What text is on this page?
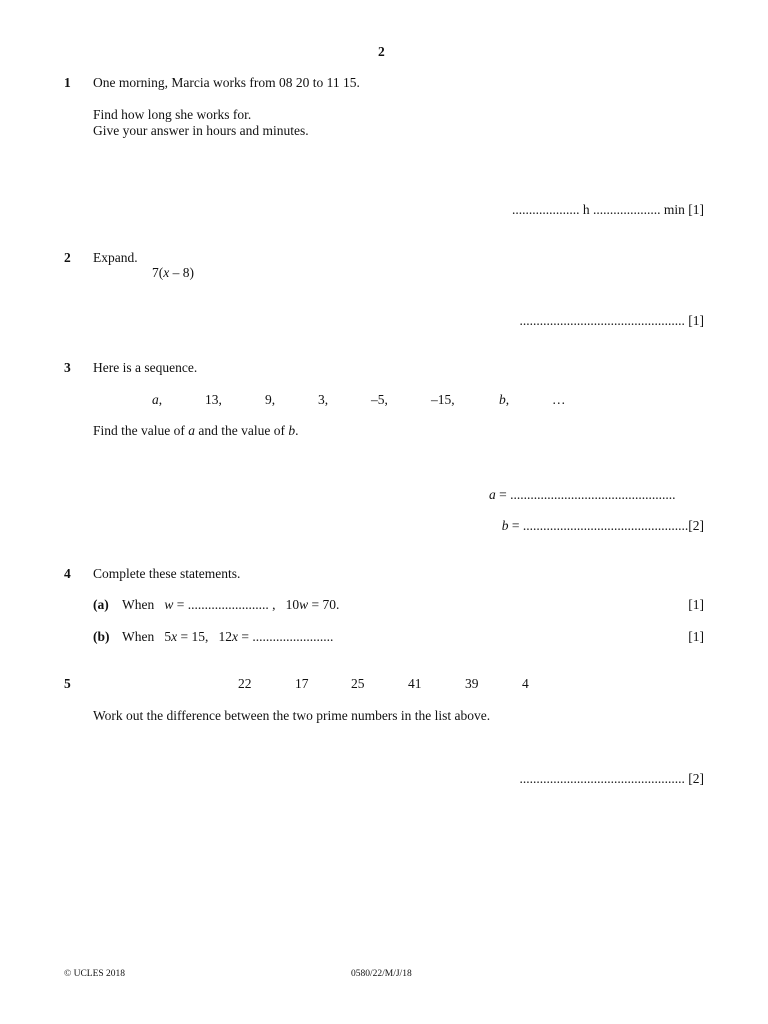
2
1 One morning, Marcia works from 08 20 to 11 15.
Find how long she works for.
Give your answer in hours and minutes.
.................... h .................... min [1]
2 Expand.
7(x – 8)
................................................. [1]
3 Here is a sequence.
a,	13,	9,	3,	–5,	–15,	b,	…
Find the value of a and the value of b.
a = .................................................
b = .................................................[2]
4 Complete these statements.
(a) When w = ........................ , 10w = 70.	[1]
(b) When 5x = 15, 12x = ........................	[1]
5	22	17	25	41	39	4
Work out the difference between the two prime numbers in the list above.
................................................. [2]
© UCLES 2018	0580/22/M/J/18
